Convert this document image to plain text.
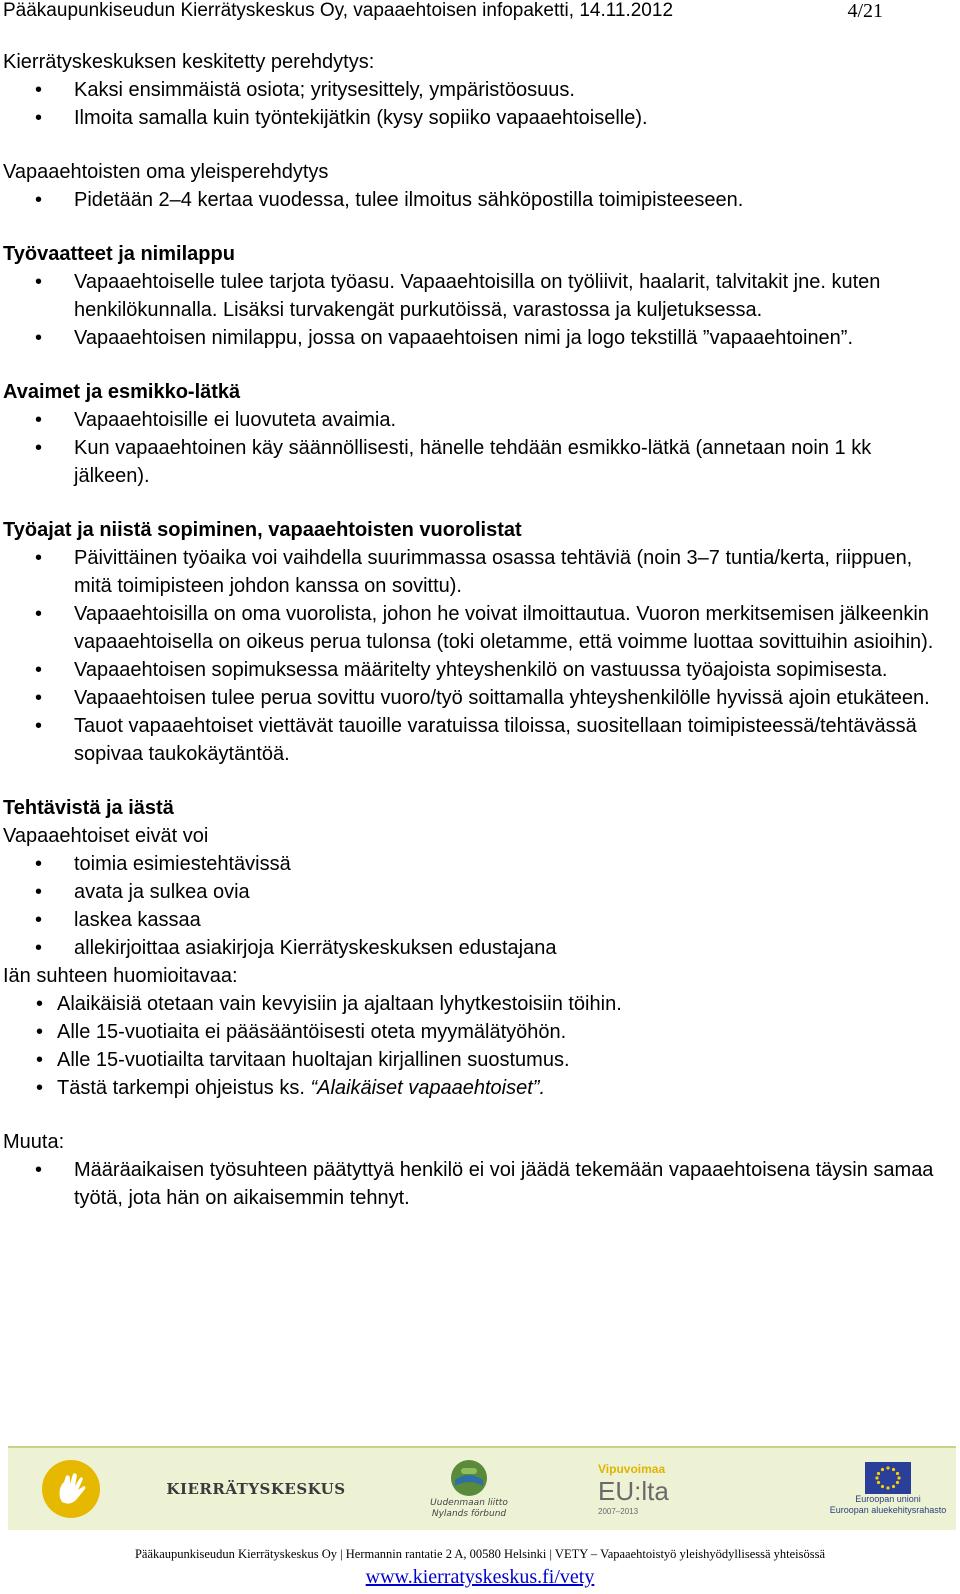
Pääkaupunkiseudun Kierrätyskeskus Oy, vapaaehtoisen infopaketti, 14.11.2012	4/21

Kierrätyskeskuksen keskitetty perehdytys:

• Kaksi ensimmäistä osiota; yritysesittely, ympäristöosuus.
• Ilmoita samalla kuin työntekijätkin (kysy sopiiko vapaaehtoiselle).

Vapaaehtoisten oma yleisperehdytys

• Pidetään 2–4 kertaa vuodessa, tulee ilmoitus sähköpostilla toimipisteeseen.

Työvaatteet ja nimilappu

• Vapaaehtoiselle tulee tarjota työasu. Vapaaehtoisilla on työliivit, haalarit, talvitakit jne. kuten henkilökunnalla. Lisäksi turvakengät purkutöissä, varastossa ja kuljetuksessa.
• Vapaaehtoisen nimilappu, jossa on vapaaehtoisen nimi ja logo tekstillä ”vapaaehtoinen”.

Avaimet ja esmikko-lätkä

• Vapaaehtoisille ei luovuteta avaimia.
• Kun vapaaehtoinen käy säännöllisesti, hänelle tehdään esmikko-lätkä (annetaan noin 1 kk jälkeen).

Työajat ja niistä sopiminen, vapaaehtoisten vuorolistat

• Päivittäinen työaika voi vaihdella suurimmassa osassa tehtäviä (noin 3–7 tuntia/kerta, riippuen, mitä toimipisteen johdon kanssa on sovittu).
• Vapaaehtoisilla on oma vuorolista, johon he voivat ilmoittautua. Vuoron merkitsemisen jälkeenkin vapaaehtoisella on oikeus perua tulonsa (toki oletamme, että voimme luottaa sovittuihin asioihin).
• Vapaaehtoisen sopimuksessa määritelty yhteyshenkilö on vastuussa työajoista sopimisesta.
• Vapaaehtoisen tulee perua sovittu vuoro/työ soittamalla yhteyshenkilölle hyvissä ajoin etukäteen.
• Tauot vapaaehtoiset viettävät tauoille varatuissa tiloissa, suositellaan toimipisteessä/tehtävässä sopivaa taukokäytäntöä.

Tehtävistä ja iästä

Vapaaehtoiset eivät voi

• toimia esimiestehtävissä
• avata ja sulkea ovia
• laskea kassaa
• allekirjoittaa asiakirjoja Kierrätyskeskuksen edustajana

Iän suhteen huomioitavaa:

• Alaikäisiä otetaan vain kevyisiin ja ajaltaan lyhytkestoisiin töihin.
• Alle 15-vuotiaita ei pääsääntöisesti oteta myymälätyöhön.
• Alle 15-vuotiailta tarvitaan huoltajan kirjallinen suostumus.
• Tästä tarkempi ohjeistus ks. “Alaikäiset vapaaehtoiset”.

Muuta:

• Määräaikaisen työsuhteen päätyttyä henkilö ei voi jäädä tekemään vapaaehtoisena täysin samaa työtä, jota hän on aikaisemmin tehnyt.
KIERRÄTYSKESKUS
Uudenmaan liitto
Nylands förbund
Vipuvoimaa
EU:lta
2007–2013
Euroopan unioni
Euroopan aluekehitysrahasto
Pääkaupunkiseudun Kierrätyskeskus Oy | Hermannin rantatie 2 A, 00580 Helsinki | VETY – Vapaaehtoistyö yleishyödyllisessä yhteisössä
www.kierratyskeskus.fi/vety
